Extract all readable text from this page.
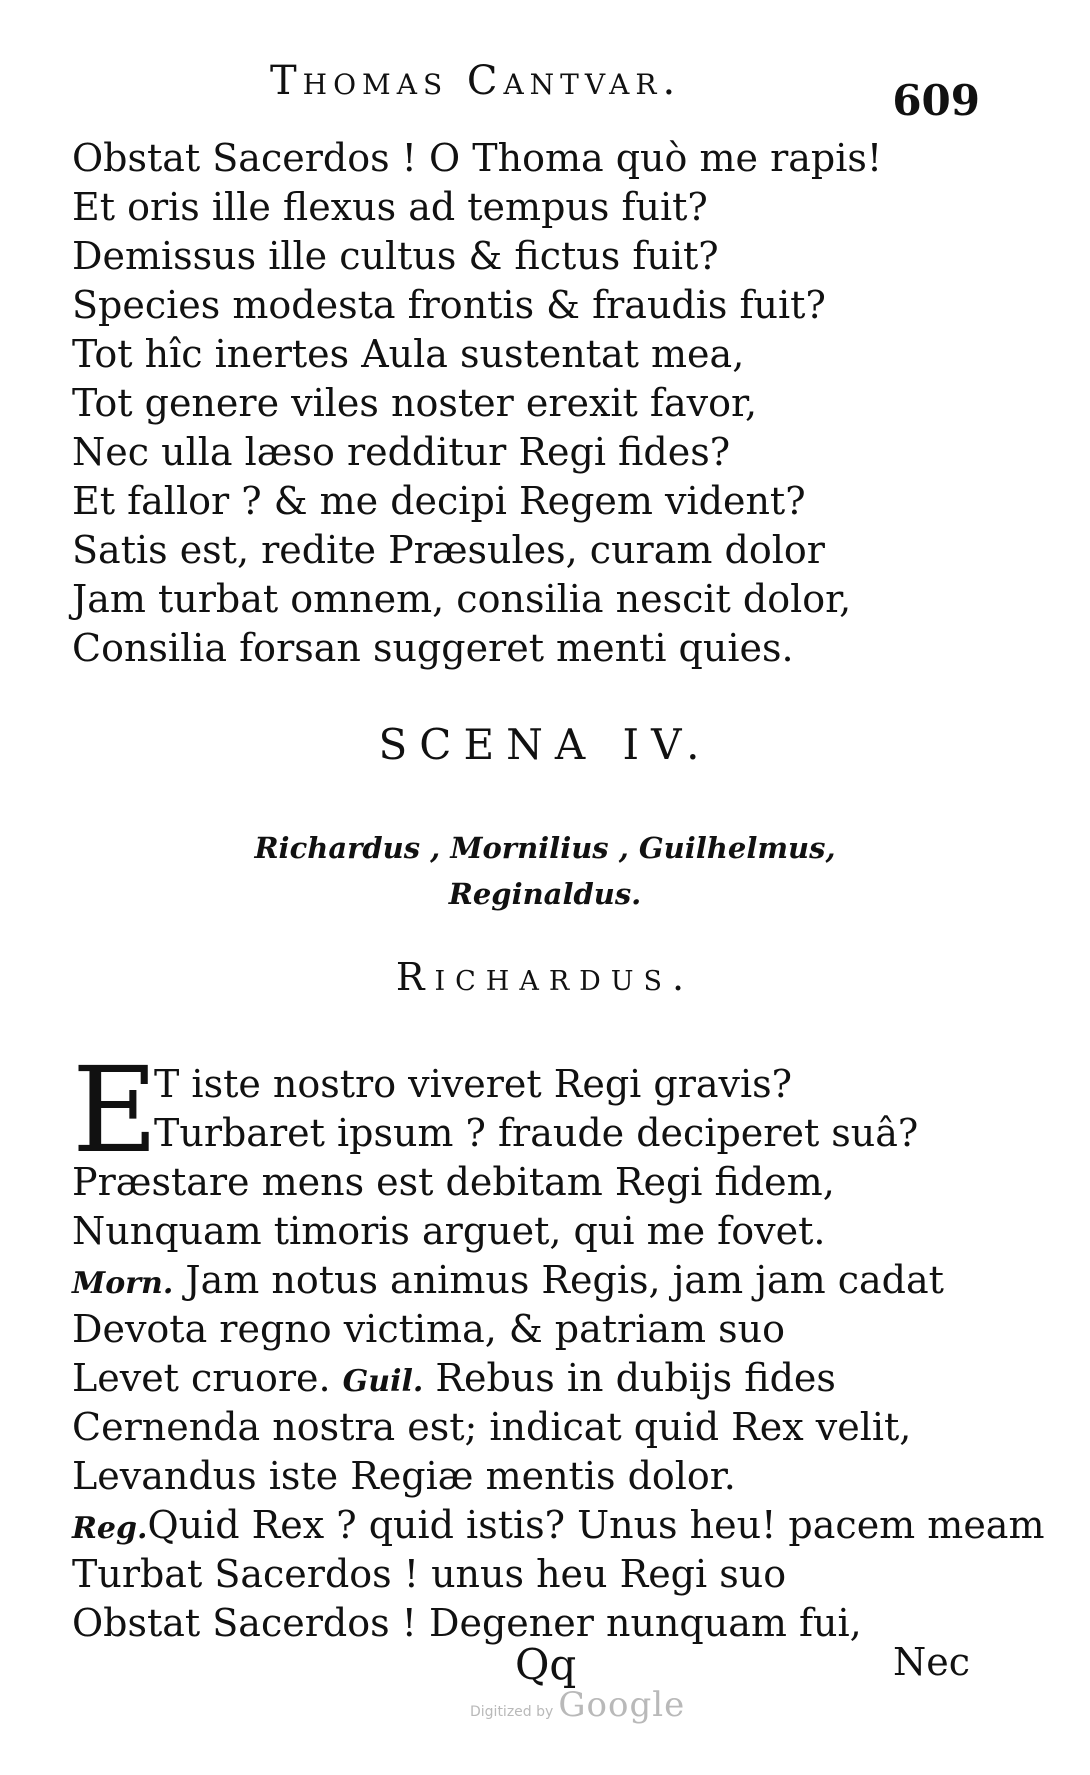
Thomas Cantvar.	609
Obstat Sacerdos ! O Thoma quò me rapis!
Et oris ille flexus ad tempus fuit?
Demissus ille cultus & fictus fuit?
Species modesta frontis & fraudis fuit?
Tot hîc inertes Aula sustentat mea,
Tot genere viles noster erexit favor,
Nec ulla læso redditur Regi fides?
Et fallor ? & me decipi Regem vident?
Satis est, redite Præsules, curam dolor
Jam turbat omnem, consilia nescit dolor,
Consilia forsan suggeret menti quies.
SCENA IV.
Richardus , Mornilius , Guilhelmus,
Reginaldus.
Richardus.
E
T iste nostro viveret Regi gravis?
Turbaret ipsum ? fraude deciperet suâ?
Præstare mens est debitam Regi fidem,
Nunquam timoris arguet, qui me fovet.
Morn. Jam notus animus Regis, jam jam cadat
Devota regno victima, & patriam suo
Levet cruore. Guil. Rebus in dubijs fides
Cernenda nostra est; indicat quid Rex velit,
Levandus iste Regiæ mentis dolor.
Reg.Quid Rex ? quid istis? Unus heu! pacem meam
Turbat Sacerdos ! unus heu Regi suo
Obstat Sacerdos ! Degener nunquam fui,
Qq	Nec
Digitized by Google
